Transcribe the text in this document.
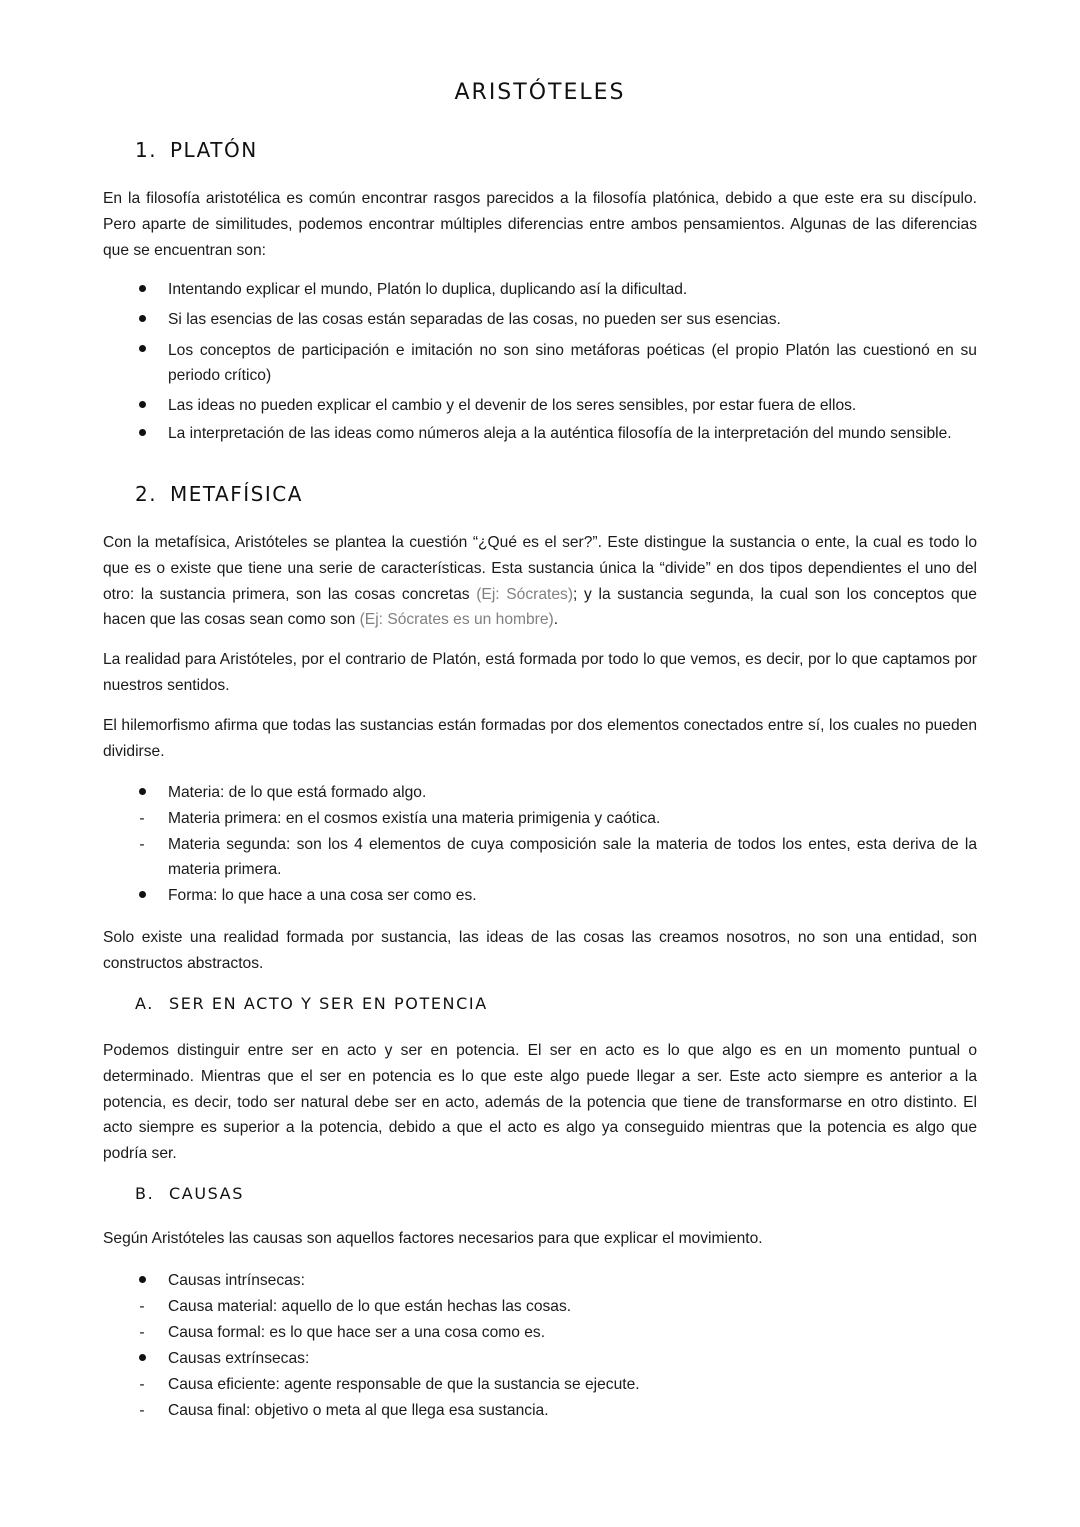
ARISTÓTELES
1. PLATÓN

En la filosofía aristotélica es común encontrar rasgos parecidos a la filosofía platónica, debido a que este era su discípulo. Pero aparte de similitudes, podemos encontrar múltiples diferencias entre ambos pensamientos. Algunas de las diferencias que se encuentran son:

Intentando explicar el mundo, Platón lo duplica, duplicando así la dificultad.
Si las esencias de las cosas están separadas de las cosas, no pueden ser sus esencias.
Los conceptos de participación e imitación no son sino metáforas poéticas (el propio Platón las cuestionó en su periodo crítico)
Las ideas no pueden explicar el cambio y el devenir de los seres sensibles, por estar fuera de ellos.
La interpretación de las ideas como números aleja a la auténtica filosofía de la interpretación del mundo sensible.
2. METAFÍSICA

Con la metafísica, Aristóteles se plantea la cuestión “¿Qué es el ser?”. Este distingue la sustancia o ente, la cual es todo lo que es o existe que tiene una serie de características. Esta sustancia única la “divide” en dos tipos dependientes el uno del otro: la sustancia primera, son las cosas concretas (Ej: Sócrates); y la sustancia segunda, la cual son los conceptos que hacen que las cosas sean como son (Ej: Sócrates es un hombre).

La realidad para Aristóteles, por el contrario de Platón, está formada por todo lo que vemos, es decir, por lo que captamos por nuestros sentidos.

El hilemorfismo afirma que todas las sustancias están formadas por dos elementos conectados entre sí, los cuales no pueden dividirse.

Materia: de lo que está formado algo.
- Materia primera: en el cosmos existía una materia primigenia y caótica.
- Materia segunda: son los 4 elementos de cuya composición sale la materia de todos los entes, esta deriva de la materia primera.
Forma: lo que hace a una cosa ser como es.

Solo existe una realidad formada por sustancia, las ideas de las cosas las creamos nosotros, no son una entidad, son constructos abstractos.

A. SER EN ACTO Y SER EN POTENCIA

Podemos distinguir entre ser en acto y ser en potencia. El ser en acto es lo que algo es en un momento puntual o determinado. Mientras que el ser en potencia es lo que este algo puede llegar a ser. Este acto siempre es anterior a la potencia, es decir, todo ser natural debe ser en acto, además de la potencia que tiene de transformarse en otro distinto. El acto siempre es superior a la potencia, debido a que el acto es algo ya conseguido mientras que la potencia es algo que podría ser.

B. CAUSAS

Según Aristóteles las causas son aquellos factores necesarios para que explicar el movimiento.

Causas intrínsecas:
- Causa material: aquello de lo que están hechas las cosas.
- Causa formal: es lo que hace ser a una cosa como es.
Causas extrínsecas:
- Causa eficiente: agente responsable de que la sustancia se ejecute.
- Causa final: objetivo o meta al que llega esa sustancia.
